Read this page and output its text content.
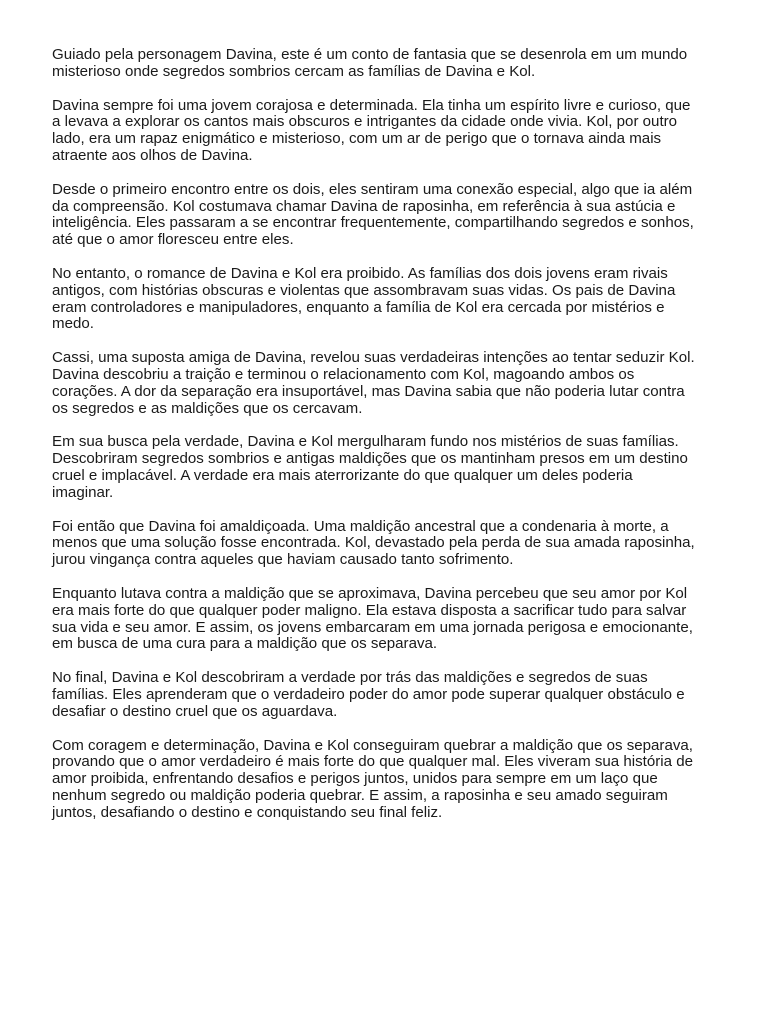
Guiado pela personagem Davina, este é um conto de fantasia que se desenrola em um mundo
misterioso onde segredos sombrios cercam as famílias de Davina e Kol.

Davina sempre foi uma jovem corajosa e determinada. Ela tinha um espírito livre e curioso, que
a levava a explorar os cantos mais obscuros e intrigantes da cidade onde vivia. Kol, por outro
lado, era um rapaz enigmático e misterioso, com um ar de perigo que o tornava ainda mais
atraente aos olhos de Davina.

Desde o primeiro encontro entre os dois, eles sentiram uma conexão especial, algo que ia além
da compreensão. Kol costumava chamar Davina de raposinha, em referência à sua astúcia e
inteligência. Eles passaram a se encontrar frequentemente, compartilhando segredos e sonhos,
até que o amor floresceu entre eles.

No entanto, o romance de Davina e Kol era proibido. As famílias dos dois jovens eram rivais
antigos, com histórias obscuras e violentas que assombravam suas vidas. Os pais de Davina
eram controladores e manipuladores, enquanto a família de Kol era cercada por mistérios e
medo.

Cassi, uma suposta amiga de Davina, revelou suas verdadeiras intenções ao tentar seduzir Kol.
Davina descobriu a traição e terminou o relacionamento com Kol, magoando ambos os
corações. A dor da separação era insuportável, mas Davina sabia que não poderia lutar contra
os segredos e as maldições que os cercavam.

Em sua busca pela verdade, Davina e Kol mergulharam fundo nos mistérios de suas famílias.
Descobriram segredos sombrios e antigas maldições que os mantinham presos em um destino
cruel e implacável. A verdade era mais aterrorizante do que qualquer um deles poderia
imaginar.

Foi então que Davina foi amaldiçoada. Uma maldição ancestral que a condenaria à morte, a
menos que uma solução fosse encontrada. Kol, devastado pela perda de sua amada raposinha,
jurou vingança contra aqueles que haviam causado tanto sofrimento.

Enquanto lutava contra a maldição que se aproximava, Davina percebeu que seu amor por Kol
era mais forte do que qualquer poder maligno. Ela estava disposta a sacrificar tudo para salvar
sua vida e seu amor. E assim, os jovens embarcaram em uma jornada perigosa e emocionante,
em busca de uma cura para a maldição que os separava.

No final, Davina e Kol descobriram a verdade por trás das maldições e segredos de suas
famílias. Eles aprenderam que o verdadeiro poder do amor pode superar qualquer obstáculo e
desafiar o destino cruel que os aguardava.

Com coragem e determinação, Davina e Kol conseguiram quebrar a maldição que os separava,
provando que o amor verdadeiro é mais forte do que qualquer mal. Eles viveram sua história de
amor proibida, enfrentando desafios e perigos juntos, unidos para sempre em um laço que
nenhum segredo ou maldição poderia quebrar. E assim, a raposinha e seu amado seguiram
juntos, desafiando o destino e conquistando seu final feliz.
